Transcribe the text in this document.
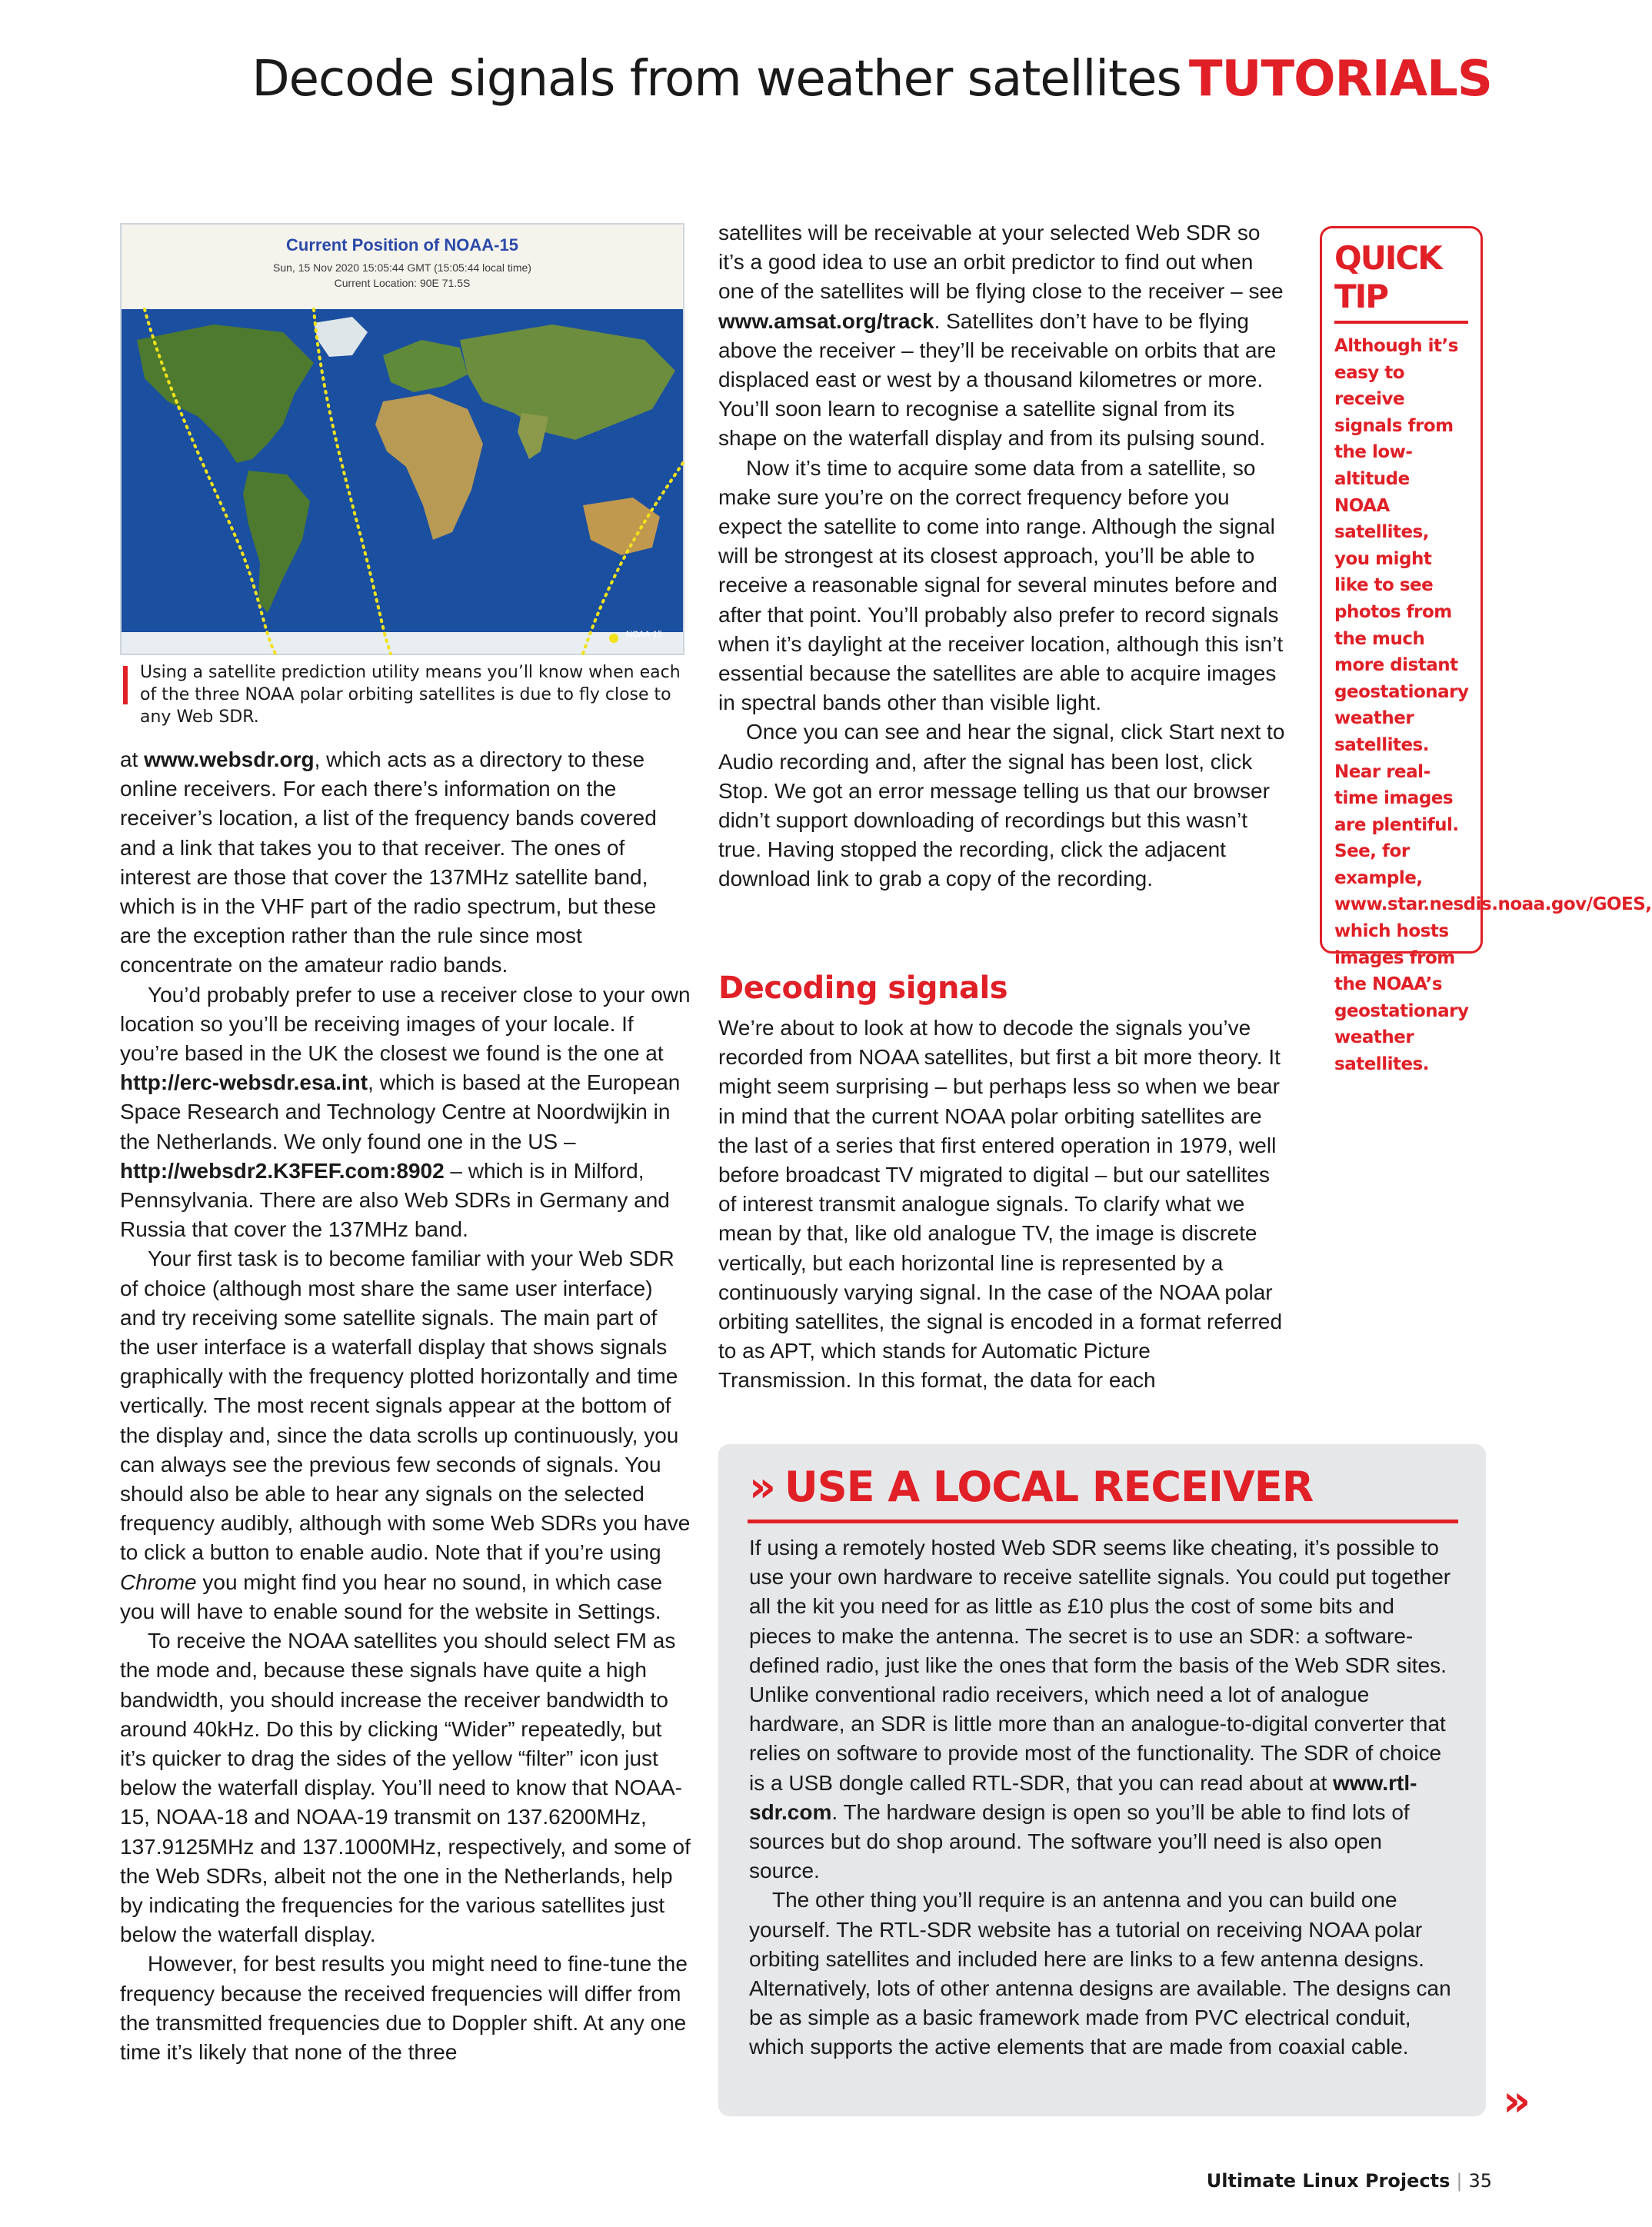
Decode signals from weather satellites TUTORIALS
Current Position of NOAA-15
Sun, 15 Nov 2020 15:05:44 GMT (15:05:44 local time)
Current Location: 90E 71.5S
NOAA-15
Using a satellite prediction utility means you’ll know when each of the three NOAA polar orbiting satellites is due to fly close to any Web SDR.

at www.websdr.org, which acts as a directory to these online receivers. For each there’s information on the receiver’s location, a list of the frequency bands covered and a link that takes you to that receiver. The ones of interest are those that cover the 137MHz satellite band, which is in the VHF part of the radio spectrum, but these are the exception rather than the rule since most concentrate on the amateur radio bands.

You’d probably prefer to use a receiver close to your own location so you’ll be receiving images of your locale. If you’re based in the UK the closest we found is the one at http://erc-websdr.esa.int, which is based at the European Space Research and Technology Centre at Noordwijkin in the Netherlands. We only found one in the US – http://websdr2.K3FEF.com:8902 – which is in Milford, Pennsylvania. There are also Web SDRs in Germany and Russia that cover the 137MHz band.

Your first task is to become familiar with your Web SDR of choice (although most share the same user interface) and try receiving some satellite signals. The main part of the user interface is a waterfall display that shows signals graphically with the frequency plotted horizontally and time vertically. The most recent signals appear at the bottom of the display and, since the data scrolls up continuously, you can always see the previous few seconds of signals. You should also be able to hear any signals on the selected frequency audibly, although with some Web SDRs you have to click a button to enable audio. Note that if you’re using Chrome you might find you hear no sound, in which case you will have to enable sound for the website in Settings.

To receive the NOAA satellites you should select FM as the mode and, because these signals have quite a high bandwidth, you should increase the receiver bandwidth to around 40kHz. Do this by clicking “Wider” repeatedly, but it’s quicker to drag the sides of the yellow “filter” icon just below the waterfall display. You’ll need to know that NOAA-15, NOAA-18 and NOAA-19 transmit on 137.6200MHz, 137.9125MHz and 137.1000MHz, respectively, and some of the Web SDRs, albeit not the one in the Netherlands, help by indicating the frequencies for the various satellites just below the waterfall display.

However, for best results you might need to fine-tune the frequency because the received frequencies will differ from the transmitted frequencies due to Doppler shift. At any one time it’s likely that none of the three

satellites will be receivable at your selected Web SDR so it’s a good idea to use an orbit predictor to find out when one of the satellites will be flying close to the receiver – see www.amsat.org/track. Satellites don’t have to be flying above the receiver – they’ll be receivable on orbits that are displaced east or west by a thousand kilometres or more. You’ll soon learn to recognise a satellite signal from its shape on the waterfall display and from its pulsing sound.

Now it’s time to acquire some data from a satellite, so make sure you’re on the correct frequency before you expect the satellite to come into range. Although the signal will be strongest at its closest approach, you’ll be able to receive a reasonable signal for several minutes before and after that point. You’ll probably also prefer to record signals when it’s daylight at the receiver location, although this isn’t essential because the satellites are able to acquire images in spectral bands other than visible light.

Once you can see and hear the signal, click Start next to Audio recording and, after the signal has been lost, click Stop. We got an error message telling us that our browser didn’t support downloading of recordings but this wasn’t true. Having stopped the recording, click the adjacent download link to grab a copy of the recording.

Decoding signals

We’re about to look at how to decode the signals you’ve recorded from NOAA satellites, but first a bit more theory. It might seem surprising – but perhaps less so when we bear in mind that the current NOAA polar orbiting satellites are the last of a series that first entered operation in 1979, well before broadcast TV migrated to digital – but our satellites of interest transmit analogue signals. To clarify what we mean by that, like old analogue TV, the image is discrete vertically, but each horizontal line is represented by a continuously varying signal. In the case of the NOAA polar orbiting satellites, the signal is encoded in a format referred to as APT, which stands for Automatic Picture Transmission. In this format, the data for each

QUICK TIP
Although it’s easy to receive signals from the low-altitude NOAA satellites, you might like to see photos from the much more distant geostationary weather satellites. Near real-time images are plentiful. See, for example, www.star.nesdis.noaa.gov/GOES, which hosts images from the NOAA’s geostationary weather satellites.
» USE A LOCAL RECEIVER

If using a remotely hosted Web SDR seems like cheating, it’s possible to use your own hardware to receive satellite signals. You could put together all the kit you need for as little as £10 plus the cost of some bits and pieces to make the antenna. The secret is to use an SDR: a software-defined radio, just like the ones that form the basis of the Web SDR sites. Unlike conventional radio receivers, which need a lot of analogue hardware, an SDR is little more than an analogue-to-digital converter that relies on software to provide most of the functionality. The SDR of choice is a USB dongle called RTL-SDR, that you can read about at www.rtl-sdr.com. The hardware design is open so you’ll be able to find lots of sources but do shop around. The software you’ll need is also open source.

The other thing you’ll require is an antenna and you can build one yourself. The RTL-SDR website has a tutorial on receiving NOAA polar orbiting satellites and included here are links to a few antenna designs. Alternatively, lots of other antenna designs are available. The designs can be as simple as a basic framework made from PVC electrical conduit, which supports the active elements that are made from coaxial cable.

»
Ultimate Linux Projects | 35
